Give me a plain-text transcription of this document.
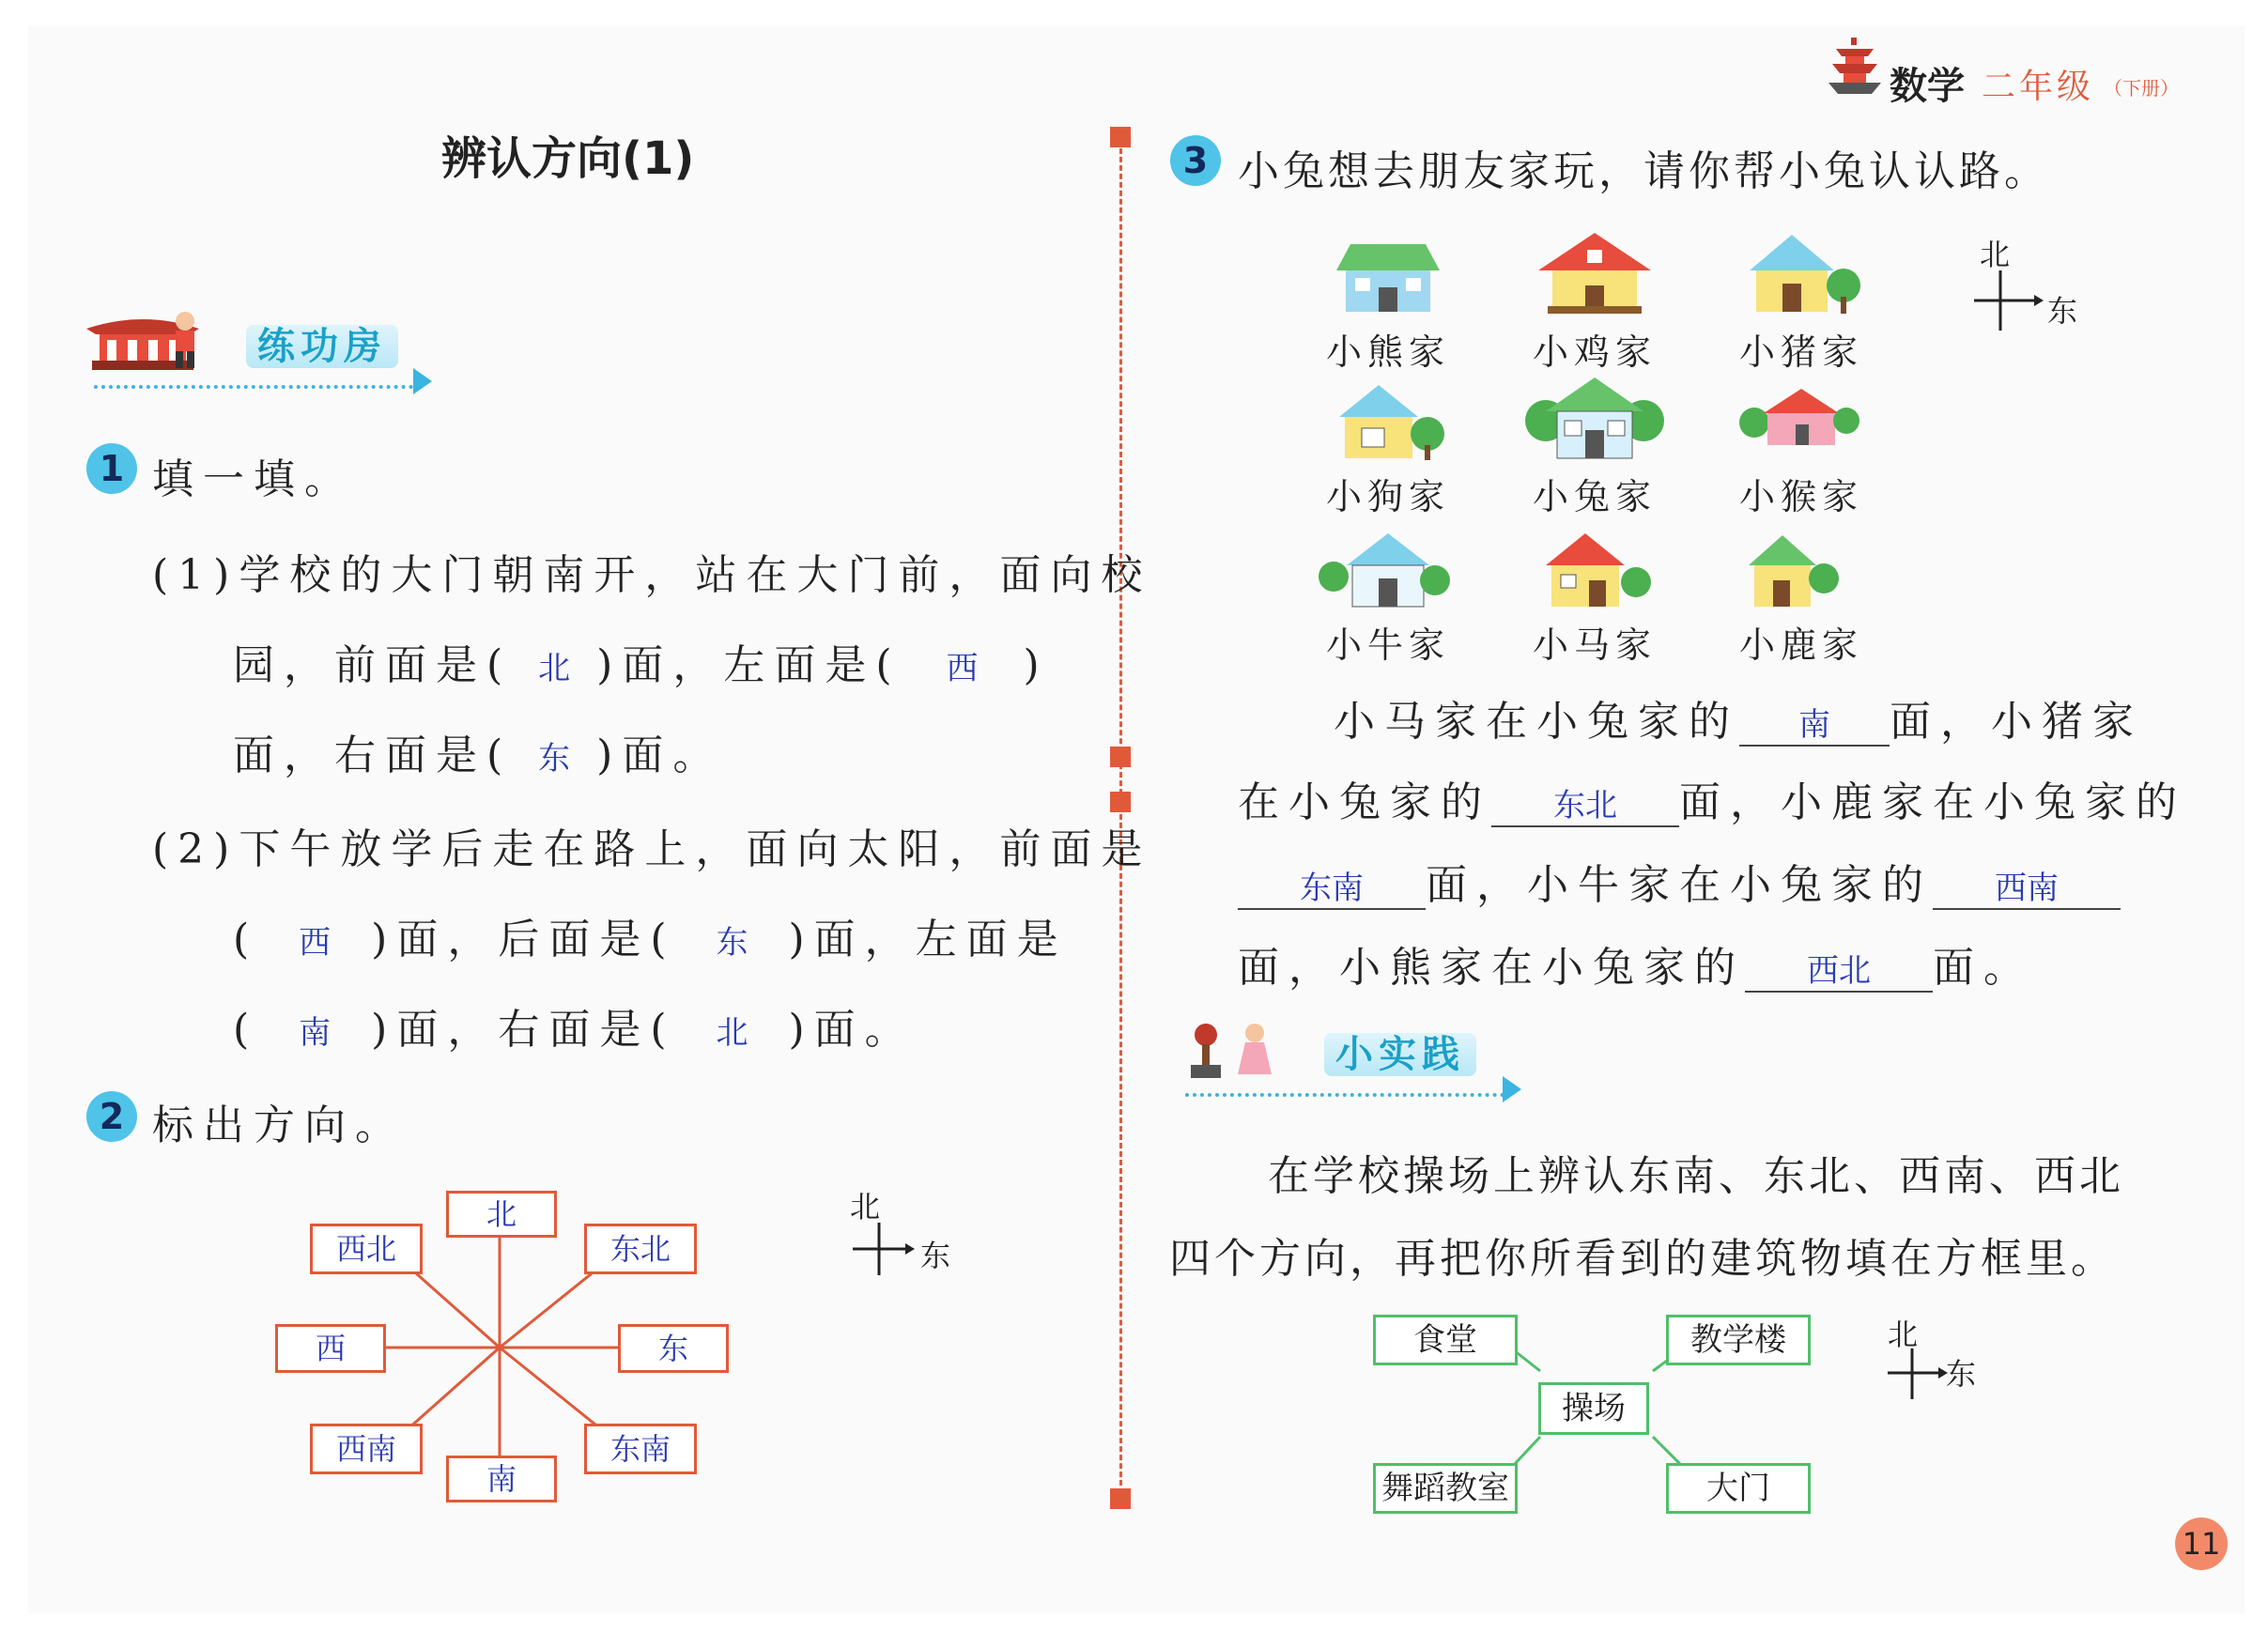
数学 二年级 （下册）
辨认方向(1)
练功房
1 填一填。
(1)学校的大门朝南开，站在大门前，面向校
园，前面是( 北 )面，左面是( 西 )
面，右面是( 东 )面。
(2)下午放学后走在路上，面向太阳，前面是
( 西 )面，后面是( 东 )面，左面是
( 南 )面，右面是( 北 )面。
2 标出方向。
北
西北	东北
西	东
西南	东南
南
北
东
3 小兔想去朋友家玩，请你帮小兔认认路。
北
东
小熊家	小鸡家	小猪家
小狗家	小兔家	小猴家
小牛家	小马家	小鹿家
小马家在小兔家的 南 面，小猪家
在小兔家的 东北 面，小鹿家在小兔家的
东南 面，小牛家在小兔家的 西南
面，小熊家在小兔家的 西北 面。
小实践
在学校操场上辨认东南、东北、西南、西北
四个方向，再把你所看到的建筑物填在方框里。
操场
食堂	教学楼
舞蹈教室	大门
北
东
11
